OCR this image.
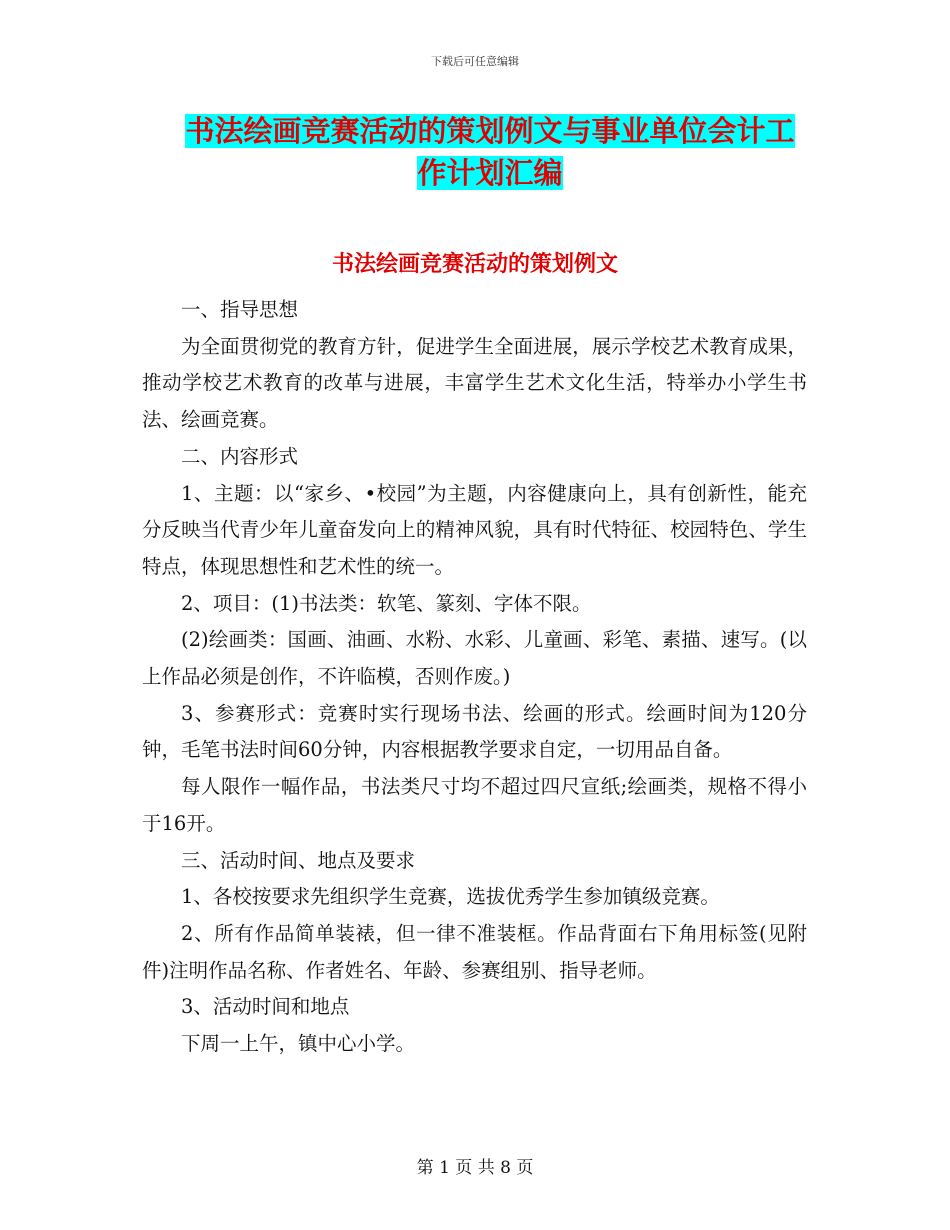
下载后可任意编辑
书法绘画竞赛活动的策划例文与事业单位会计工作计划汇编
书法绘画竞赛活动的策划例文

一、指导思想

为全面贯彻党的教育方针，促进学生全面进展，展示学校艺术教育成果，推动学校艺术教育的改革与进展，丰富学生艺术文化生活，特举办小学生书法、绘画竞赛。

二、内容形式

1、主题：以“家乡、•校园”为主题，内容健康向上，具有创新性，能充分反映当代青少年儿童奋发向上的精神风貌，具有时代特征、校园特色、学生特点，体现思想性和艺术性的统一。

2、项目：(1)书法类：软笔、篆刻、字体不限。

(2)绘画类：国画、油画、水粉、水彩、儿童画、彩笔、素描、速写。(以上作品必须是创作，不许临模，否则作废。)

3、参赛形式：竞赛时实行现场书法、绘画的形式。绘画时间为120分钟，毛笔书法时间60分钟，内容根据教学要求自定，一切用品自备。

每人限作一幅作品，书法类尺寸均不超过四尺宣纸;绘画类，规格不得小于16开。

三、活动时间、地点及要求

1、各校按要求先组织学生竞赛，选拔优秀学生参加镇级竞赛。

2、所有作品简单装裱，但一律不准装框。作品背面右下角用标签(见附件)注明作品名称、作者姓名、年龄、参赛组别、指导老师。

3、活动时间和地点

下周一上午，镇中心小学。

第 1 页 共 8 页
